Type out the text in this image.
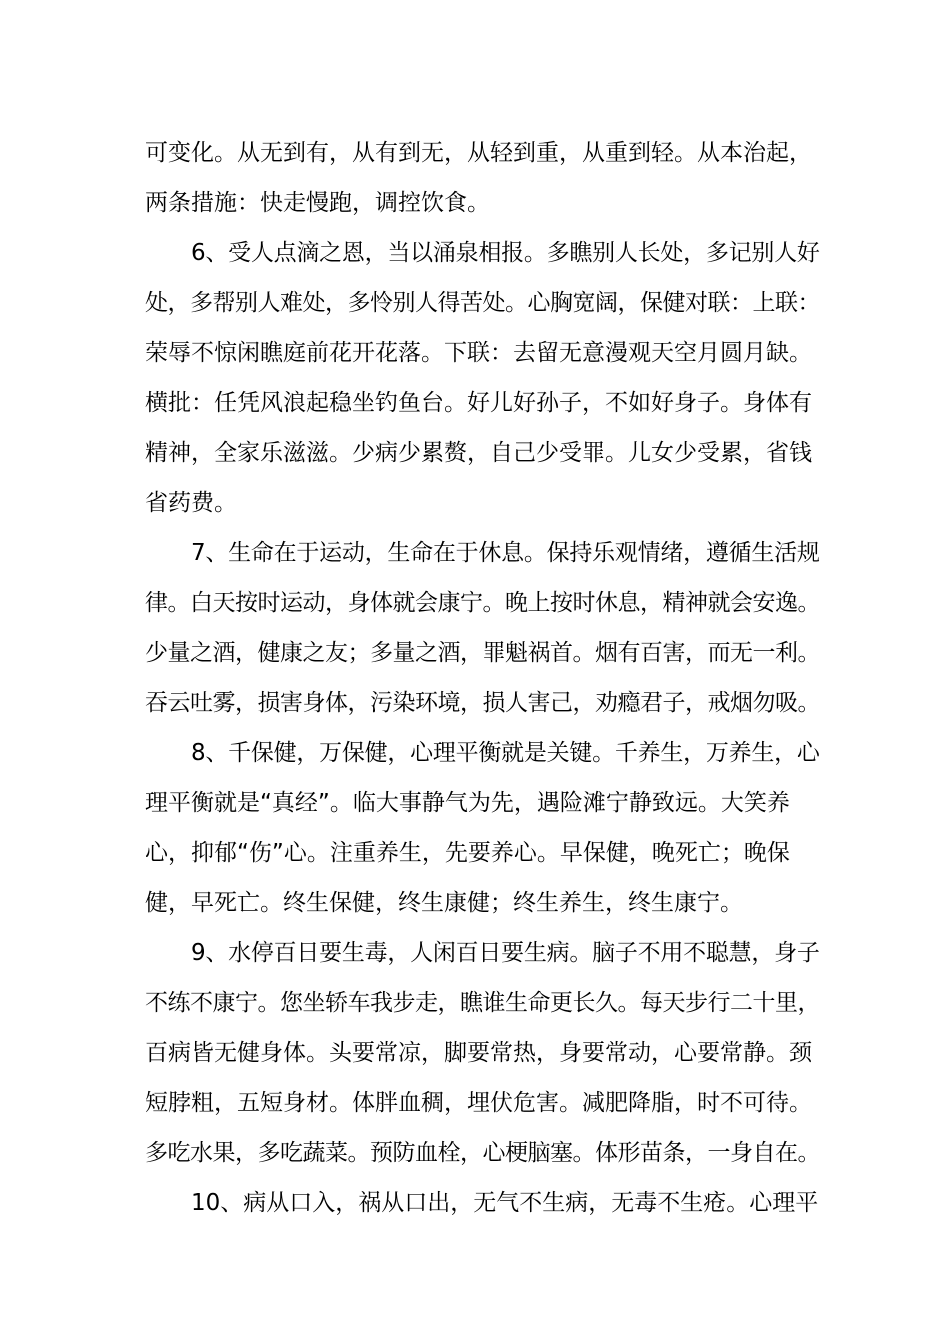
可变化。从无到有，从有到无，从轻到重，从重到轻。从本治起，
两条措施：快走慢跑，调控饮食。
6、受人点滴之恩，当以涌泉相报。多瞧别人长处，多记别人好
处，多帮别人难处，多怜别人得苦处。心胸宽阔，保健对联：上联：
荣辱不惊闲瞧庭前花开花落。下联：去留无意漫观天空月圆月缺。
横批：任凭风浪起稳坐钓鱼台。好儿好孙子，不如好身子。身体有
精神，全家乐滋滋。少病少累赘，自己少受罪。儿女少受累，省钱
省药费。
7、生命在于运动，生命在于休息。保持乐观情绪，遵循生活规
律。白天按时运动，身体就会康宁。晚上按时休息，精神就会安逸。
少量之酒，健康之友；多量之酒，罪魁祸首。烟有百害，而无一利。
吞云吐雾，损害身体，污染环境，损人害己，劝瘾君子，戒烟勿吸。
8、千保健，万保健，心理平衡就是关键。千养生，万养生，心
理平衡就是“真经”。临大事静气为先，遇险滩宁静致远。大笑养
心，抑郁“伤”心。注重养生，先要养心。早保健，晚死亡；晚保
健，早死亡。终生保健，终生康健；终生养生，终生康宁。
9、水停百日要生毒，人闲百日要生病。脑子不用不聪慧，身子
不练不康宁。您坐轿车我步走，瞧谁生命更长久。每天步行二十里，
百病皆无健身体。头要常凉，脚要常热，身要常动，心要常静。颈
短脖粗，五短身材。体胖血稠，埋伏危害。减肥降脂，时不可待。
多吃水果，多吃蔬菜。预防血栓，心梗脑塞。体形苗条，一身自在。
10、病从口入，祸从口出，无气不生病，无毒不生疮。心理平
